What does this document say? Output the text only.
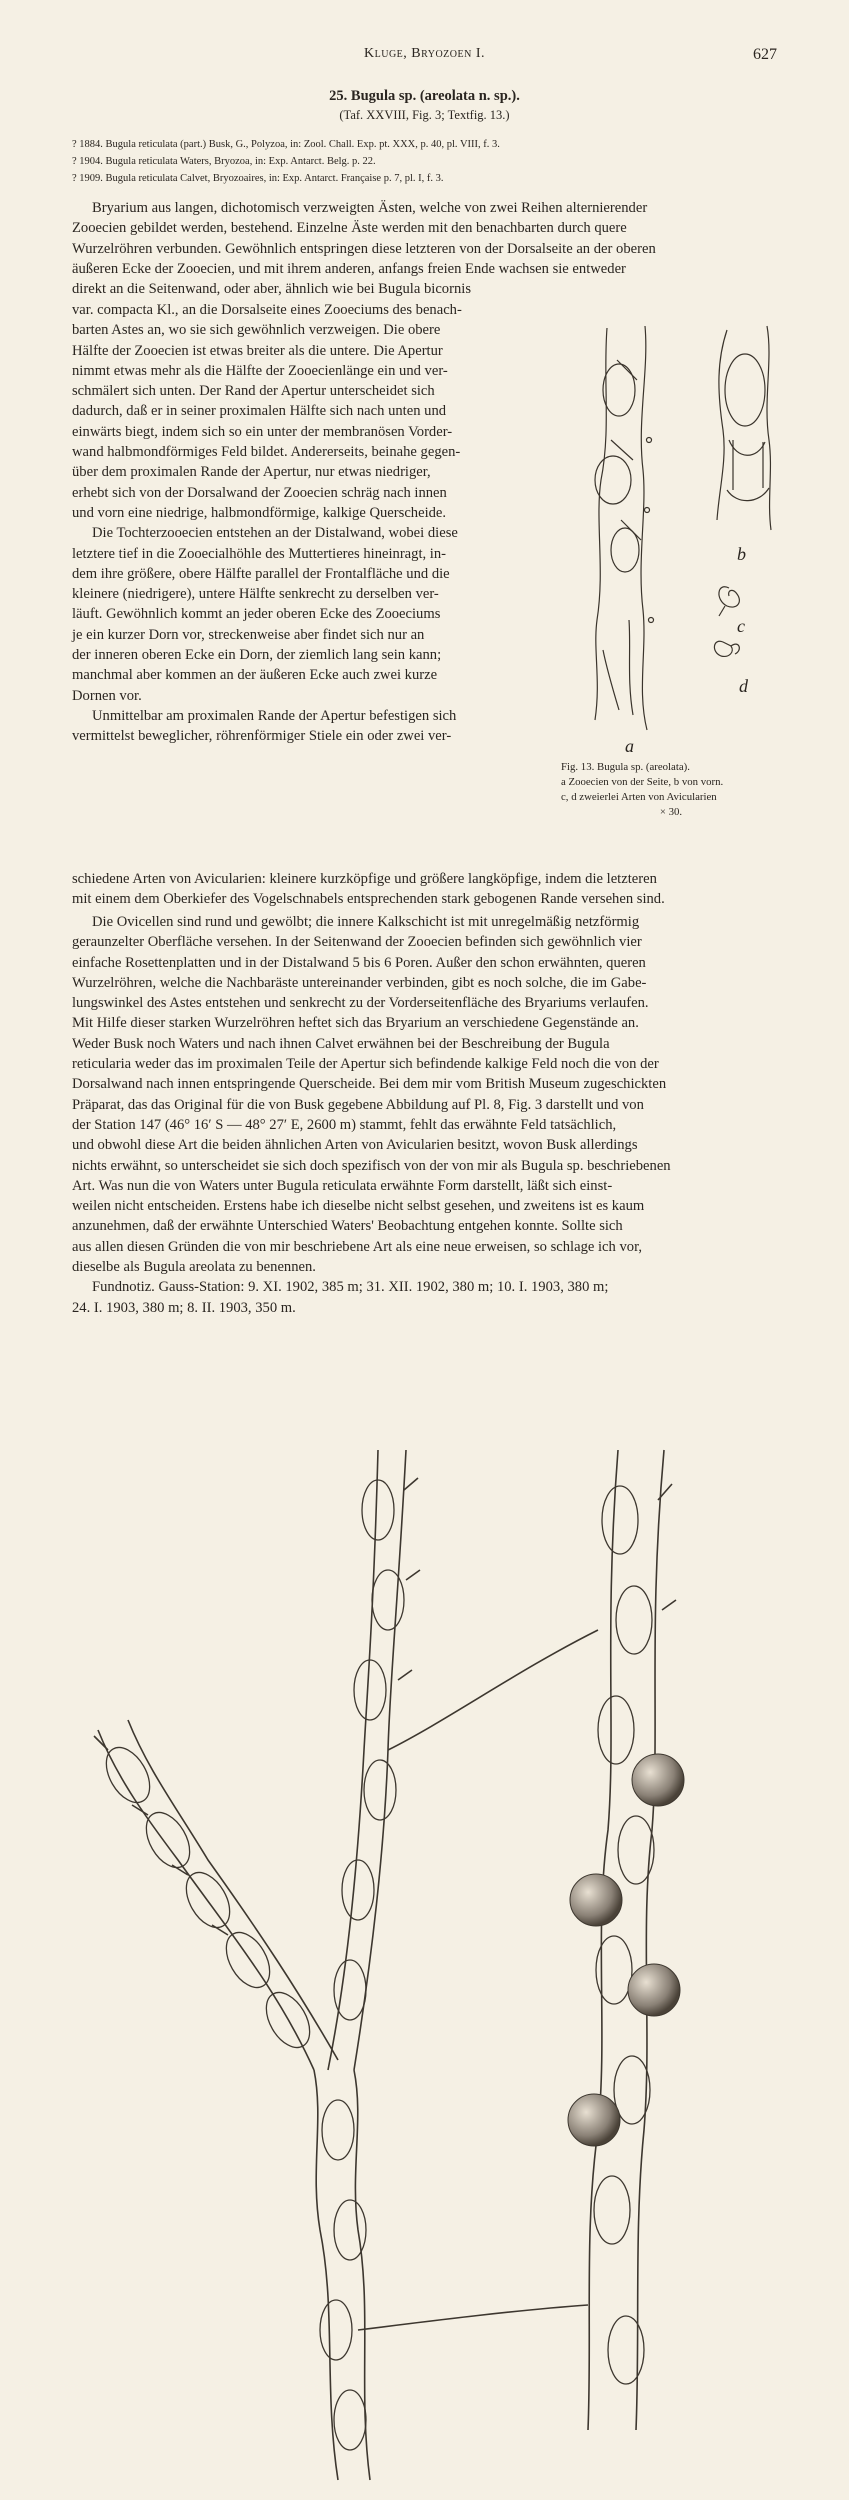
Kluge, Bryozoen I.	627
25. Bugula sp. (areolata n. sp.).
(Taf. XXVIII, Fig. 3; Textfig. 13.)
? 1884. Bugula reticulata (part.) Busk, G., Polyzoa, in: Zool. Chall. Exp. pt. XXX, p. 40, pl. VIII, f. 3.
? 1904. Bugula reticulata Waters, Bryozoa, in: Exp. Antarct. Belg. p. 22.
? 1909. Bugula reticulata Calvet, Bryozoaires, in: Exp. Antarct. Française p. 7, pl. I, f. 3.

Bryarium aus langen, dichotomisch verzweigten Ästen, welche von zwei Reihen alternierender

Zooecien gebildet werden, bestehend. Einzelne Äste werden mit den benachbarten durch quere

Wurzelröhren verbunden. Gewöhnlich entspringen diese letzteren von der Dorsalseite an der oberen

äußeren Ecke der Zooecien, und mit ihrem anderen, anfangs freien Ende wachsen sie entweder

direkt an die Seitenwand, oder aber, ähnlich wie bei Bugula bicornis

var. compacta Kl., an die Dorsalseite eines Zooeciums des benach-

barten Astes an, wo sie sich gewöhnlich verzweigen. Die obere

Hälfte der Zooecien ist etwas breiter als die untere. Die Apertur

nimmt etwas mehr als die Hälfte der Zooecienlänge ein und ver-

schmälert sich unten. Der Rand der Apertur unterscheidet sich

dadurch, daß er in seiner proximalen Hälfte sich nach unten und

einwärts biegt, indem sich so ein unter der membranösen Vorder-

wand halbmondförmiges Feld bildet. Andererseits, beinahe gegen-

über dem proximalen Rande der Apertur, nur etwas niedriger,

erhebt sich von der Dorsalwand der Zooecien schräg nach innen

und vorn eine niedrige, halbmondförmige, kalkige Querscheide.

Die Tochterzooecien entstehen an der Distalwand, wobei diese

letztere tief in die Zooecialhöhle des Muttertieres hineinragt, in-

dem ihre größere, obere Hälfte parallel der Frontalfläche und die

kleinere (niedrigere), untere Hälfte senkrecht zu derselben ver-

läuft. Gewöhnlich kommt an jeder oberen Ecke des Zooeciums

je ein kurzer Dorn vor, streckenweise aber findet sich nur an

der inneren oberen Ecke ein Dorn, der ziemlich lang sein kann;

manchmal aber kommen an der äußeren Ecke auch zwei kurze

Dornen vor.

Unmittelbar am proximalen Rande der Apertur befestigen sich

vermittelst beweglicher, röhrenförmiger Stiele ein oder zwei ver-

schiedene Arten von Avicularien: kleinere kurzköpfige und größere langköpfige, indem die letzteren

mit einem dem Oberkiefer des Vogelschnabels entsprechenden stark gebogenen Rande versehen sind.

Die Ovicellen sind rund und gewölbt; die innere Kalkschicht ist mit unregelmäßig netzförmig

geraunzelter Oberfläche versehen. In der Seitenwand der Zooecien befinden sich gewöhnlich vier

einfache Rosettenplatten und in der Distalwand 5 bis 6 Poren. Außer den schon erwähnten, queren

Wurzelröhren, welche die Nachbaräste untereinander verbinden, gibt es noch solche, die im Gabe-

lungswinkel des Astes entstehen und senkrecht zu der Vorderseitenfläche des Bryariums verlaufen.

Mit Hilfe dieser starken Wurzelröhren heftet sich das Bryarium an verschiedene Gegenstände an.

Weder Busk noch Waters und nach ihnen Calvet erwähnen bei der Beschreibung der Bugula

reticularia weder das im proximalen Teile der Apertur sich befindende kalkige Feld noch die von der

Dorsalwand nach innen entspringende Querscheide. Bei dem mir vom British Museum zugeschickten

Präparat, das das Original für die von Busk gegebene Abbildung auf Pl. 8, Fig. 3 darstellt und von

der Station 147 (46° 16′ S — 48° 27′ E, 2600 m) stammt, fehlt das erwähnte Feld tatsächlich,

und obwohl diese Art die beiden ähnlichen Arten von Avicularien besitzt, wovon Busk allerdings

nichts erwähnt, so unterscheidet sie sich doch spezifisch von der von mir als Bugula sp. beschriebenen

Art. Was nun die von Waters unter Bugula reticulata erwähnte Form darstellt, läßt sich einst-

weilen nicht entscheiden. Erstens habe ich dieselbe nicht selbst gesehen, und zweitens ist es kaum

anzunehmen, daß der erwähnte Unterschied Waters' Beobachtung entgehen konnte. Sollte sich

aus allen diesen Gründen die von mir beschriebene Art als eine neue erweisen, so schlage ich vor,

dieselbe als Bugula areolata zu benennen.

Fundnotiz. Gauss-Station: 9. XI. 1902, 385 m; 31. XII. 1902, 380 m; 10. I. 1903, 380 m;

24. I. 1903, 380 m; 8. II. 1903, 350 m.

a
b
c
d
Fig. 13. Bugula sp. (areolata).
a Zooecien von der Seite, b von vorn.
c, d zweierlei Arten von Avicularien
× 30.
